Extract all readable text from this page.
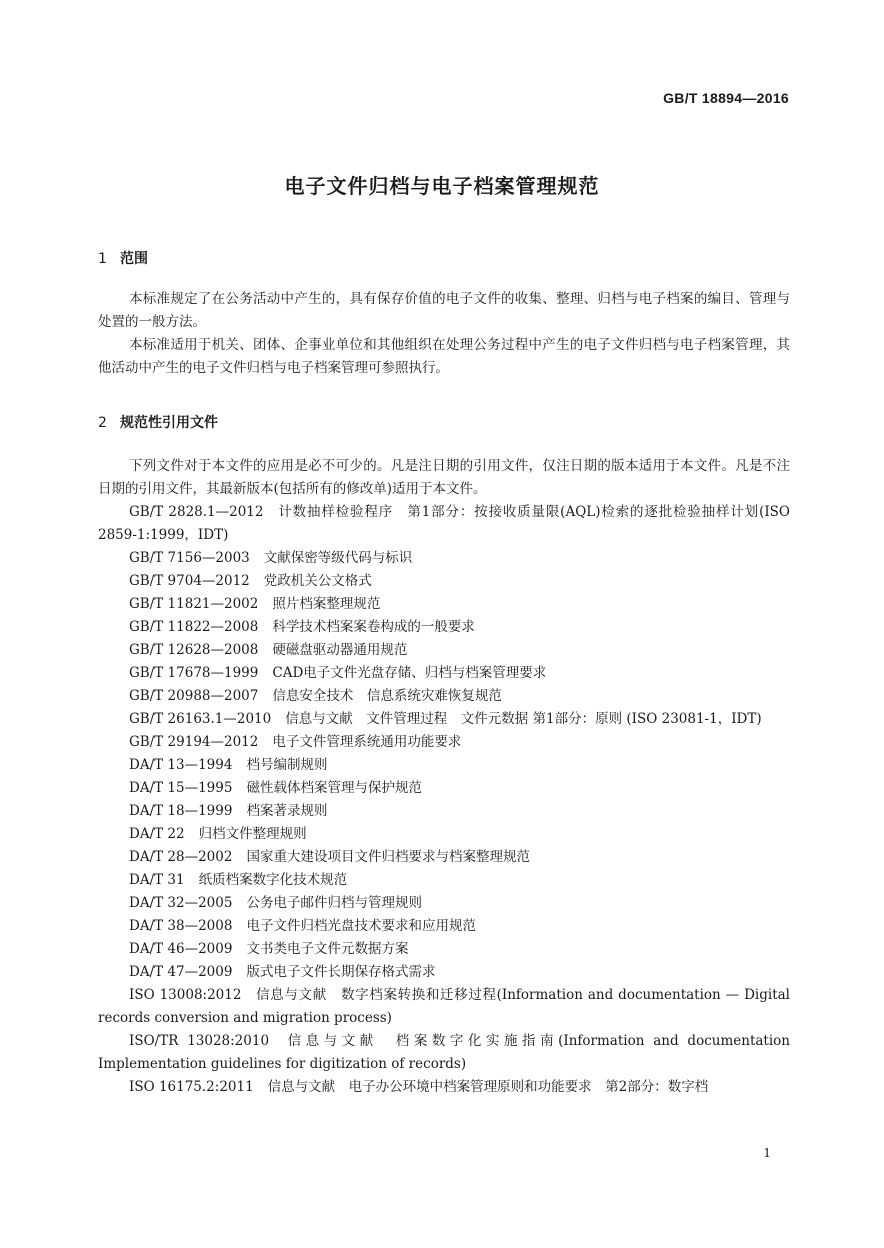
GB/T 18894—2016
电子文件归档与电子档案管理规范
1 范围

本标准规定了在公务活动中产生的，具有保存价值的电子文件的收集、整理、归档与电子档案的编目、管理与处置的一般方法。

本标准适用于机关、团体、企事业单位和其他组织在处理公务过程中产生的电子文件归档与电子档案管理，其他活动中产生的电子文件归档与电子档案管理可参照执行。

2 规范性引用文件

下列文件对于本文件的应用是必不可少的。凡是注日期的引用文件，仅注日期的版本适用于本文件。凡是不注日期的引用文件，其最新版本(包括所有的修改单)适用于本文件。

GB/T 2828.1—2012 计数抽样检验程序　第1部分：按接收质量限(AQL)检索的逐批检验抽样计划(ISO 2859-1:1999，IDT)
GB/T 7156—2003 文献保密等级代码与标识
GB/T 9704—2012 党政机关公文格式
GB/T 11821—2002 照片档案整理规范
GB/T 11822—2008 科学技术档案案卷构成的一般要求
GB/T 12628—2008 硬磁盘驱动器通用规范
GB/T 17678—1999 CAD电子文件光盘存储、归档与档案管理要求
GB/T 20988—2007 信息安全技术　信息系统灾难恢复规范
GB/T 26163.1—2010 信息与文献　文件管理过程　文件元数据 第1部分：原则 (ISO 23081-1，IDT)
GB/T 29194—2012 电子文件管理系统通用功能要求
DA/T 13—1994 档号编制规则
DA/T 15—1995 磁性载体档案管理与保护规范
DA/T 18—1999 档案著录规则
DA/T 22 归档文件整理规则
DA/T 28—2002 国家重大建设项目文件归档要求与档案整理规范
DA/T 31 纸质档案数字化技术规范
DA/T 32—2005 公务电子邮件归档与管理规则
DA/T 38—2008 电子文件归档光盘技术要求和应用规范
DA/T 46—2009 文书类电子文件元数据方案
DA/T 47—2009 版式电子文件长期保存格式需求
ISO 13008:2012 信息与文献　数字档案转换和迁移过程(Information and documentation — Digital records conversion and migration process)
ISO/TR 13028:2010 信息与文献　档案数字化实施指南(Information and documentation Implementation guidelines for digitization of records)
ISO 16175.2:2011 信息与文献　电子办公环境中档案管理原则和功能要求　第2部分：数字档
1
